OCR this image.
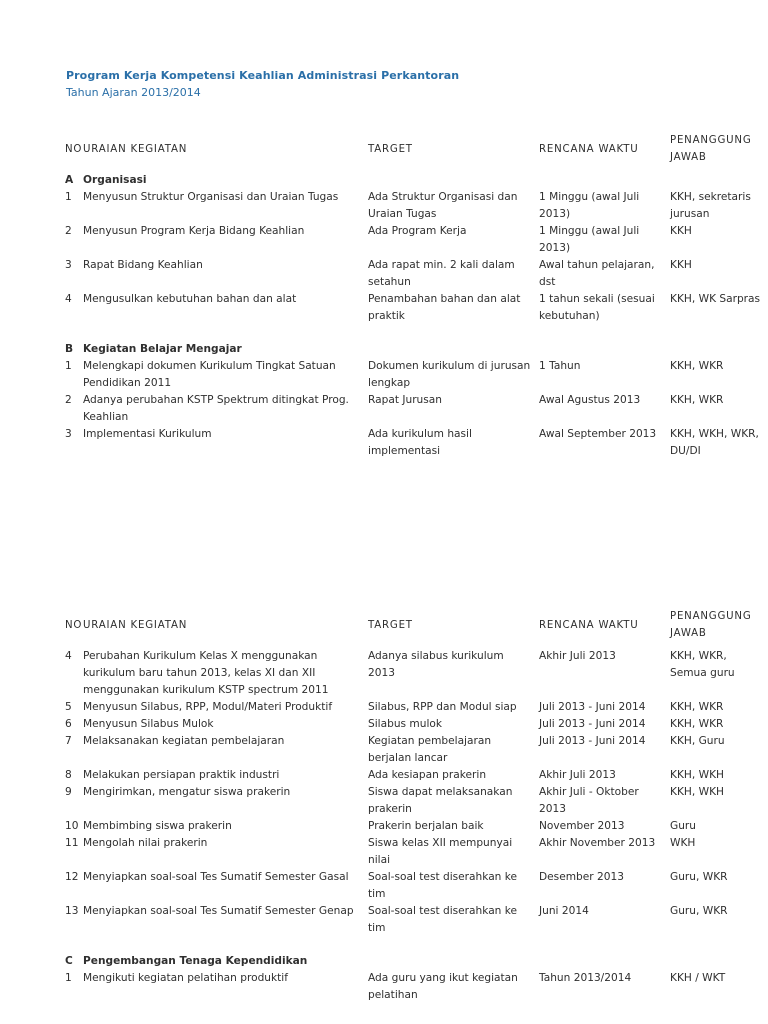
Program Kerja Kompetensi Keahlian Administrasi Perkantoran
Tahun Ajaran 2013/2014
NO	URAIAN KEGIATAN	TARGET	RENCANA WAKTU	PENANGGUNG JAWAB
A	Organisasi			
1	Menyusun Struktur Organisasi dan Uraian Tugas	Ada Struktur Organisasi dan Uraian Tugas	1 Minggu (awal Juli 2013)	KKH, sekretaris jurusan
2	Menyusun Program Kerja Bidang Keahlian	Ada Program Kerja	1 Minggu (awal Juli 2013)	KKH
3	Rapat Bidang Keahlian	Ada rapat min. 2 kali dalam setahun	Awal tahun pelajaran, dst	KKH
4	Mengusulkan kebutuhan bahan dan alat	Penambahan bahan dan alat praktik	1 tahun sekali (sesuai kebutuhan)	KKH, WK Sarpras

B	Kegiatan Belajar Mengajar			
1	Melengkapi dokumen Kurikulum Tingkat Satuan Pendidikan 2011	Dokumen kurikulum di jurusan lengkap	1 Tahun	KKH, WKR
2	Adanya perubahan KSTP Spektrum ditingkat Prog. Keahlian	Rapat Jurusan	Awal Agustus 2013	KKH, WKR
3	Implementasi Kurikulum	Ada kurikulum hasil implementasi	Awal September 2013	KKH, WKH, WKR, DU/DI
NO	URAIAN KEGIATAN	TARGET	RENCANA WAKTU	PENANGGUNG JAWAB
4	Perubahan Kurikulum Kelas X menggunakan kurikulum baru tahun 2013, kelas XI dan XII menggunakan kurikulum KSTP spectrum 2011	Adanya silabus kurikulum 2013	Akhir Juli 2013	KKH, WKR, Semua guru
5	Menyusun Silabus, RPP, Modul/Materi Produktif	Silabus, RPP dan Modul siap	Juli 2013 - Juni 2014	KKH, WKR
6	Menyusun Silabus Mulok	Silabus mulok	Juli 2013 - Juni 2014	KKH, WKR
7	Melaksanakan kegiatan pembelajaran	Kegiatan pembelajaran berjalan lancar	Juli 2013 - Juni 2014	KKH, Guru
8	Melakukan persiapan praktik industri	Ada kesiapan prakerin	Akhir Juli 2013	KKH, WKH
9	Mengirimkan, mengatur siswa prakerin	Siswa dapat melaksanakan prakerin	Akhir Juli - Oktober 2013	KKH, WKH
10	Membimbing siswa prakerin	Prakerin berjalan baik	November 2013	Guru
11	Mengolah nilai prakerin	Siswa kelas XII mempunyai nilai	Akhir November 2013	WKH
12	Menyiapkan soal-soal Tes Sumatif Semester Gasal	Soal-soal test diserahkan ke tim	Desember 2013	Guru, WKR
13	Menyiapkan soal-soal Tes Sumatif Semester Genap	Soal-soal test diserahkan ke tim	Juni 2014	Guru, WKR

C	Pengembangan Tenaga Kependidikan			
1	Mengikuti kegiatan pelatihan produktif	Ada guru yang ikut kegiatan pelatihan	Tahun 2013/2014	KKH / WKT
